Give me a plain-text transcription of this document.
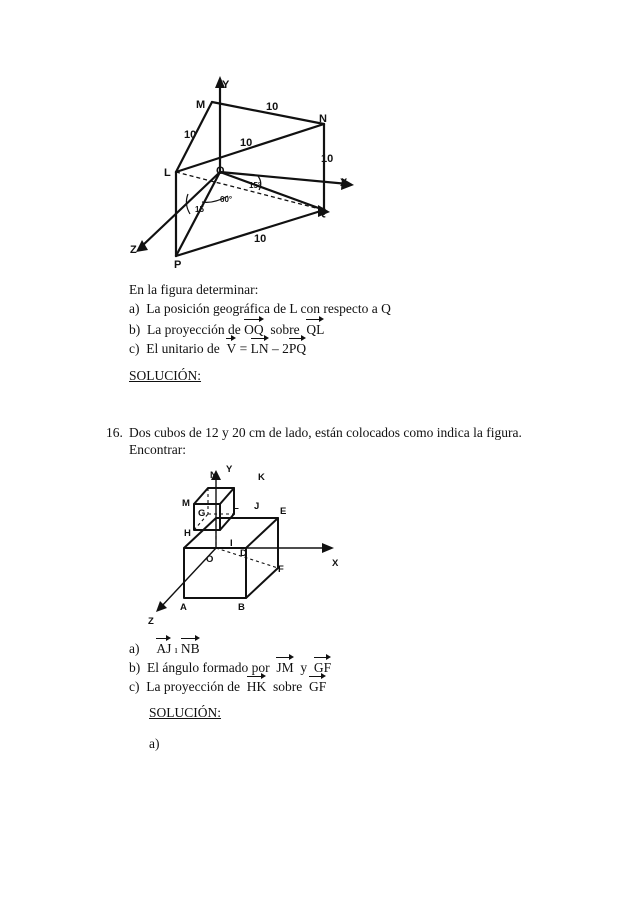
M
Y
N
L	O
X
Q
Z
P
10
10
10
10
10
15
15°
60°
En la figura determinar:
a) La posición geográfica de L con respecto a Q
b) La proyección de OQ sobre QL
c) El unitario de V = LN – 2PQ
SOLUCIÓN:
16. Dos cubos de 12 y 20 cm de lado, están colocados como indica la figura.
Encontrar:
N
Y
K
M
G
L J E
H
I
D
O	X
F
Z
A	B
a) AJ ı NB
b) El ángulo formado por JM y GF
c) La proyección de HK sobre GF
SOLUCIÓN:
a)
